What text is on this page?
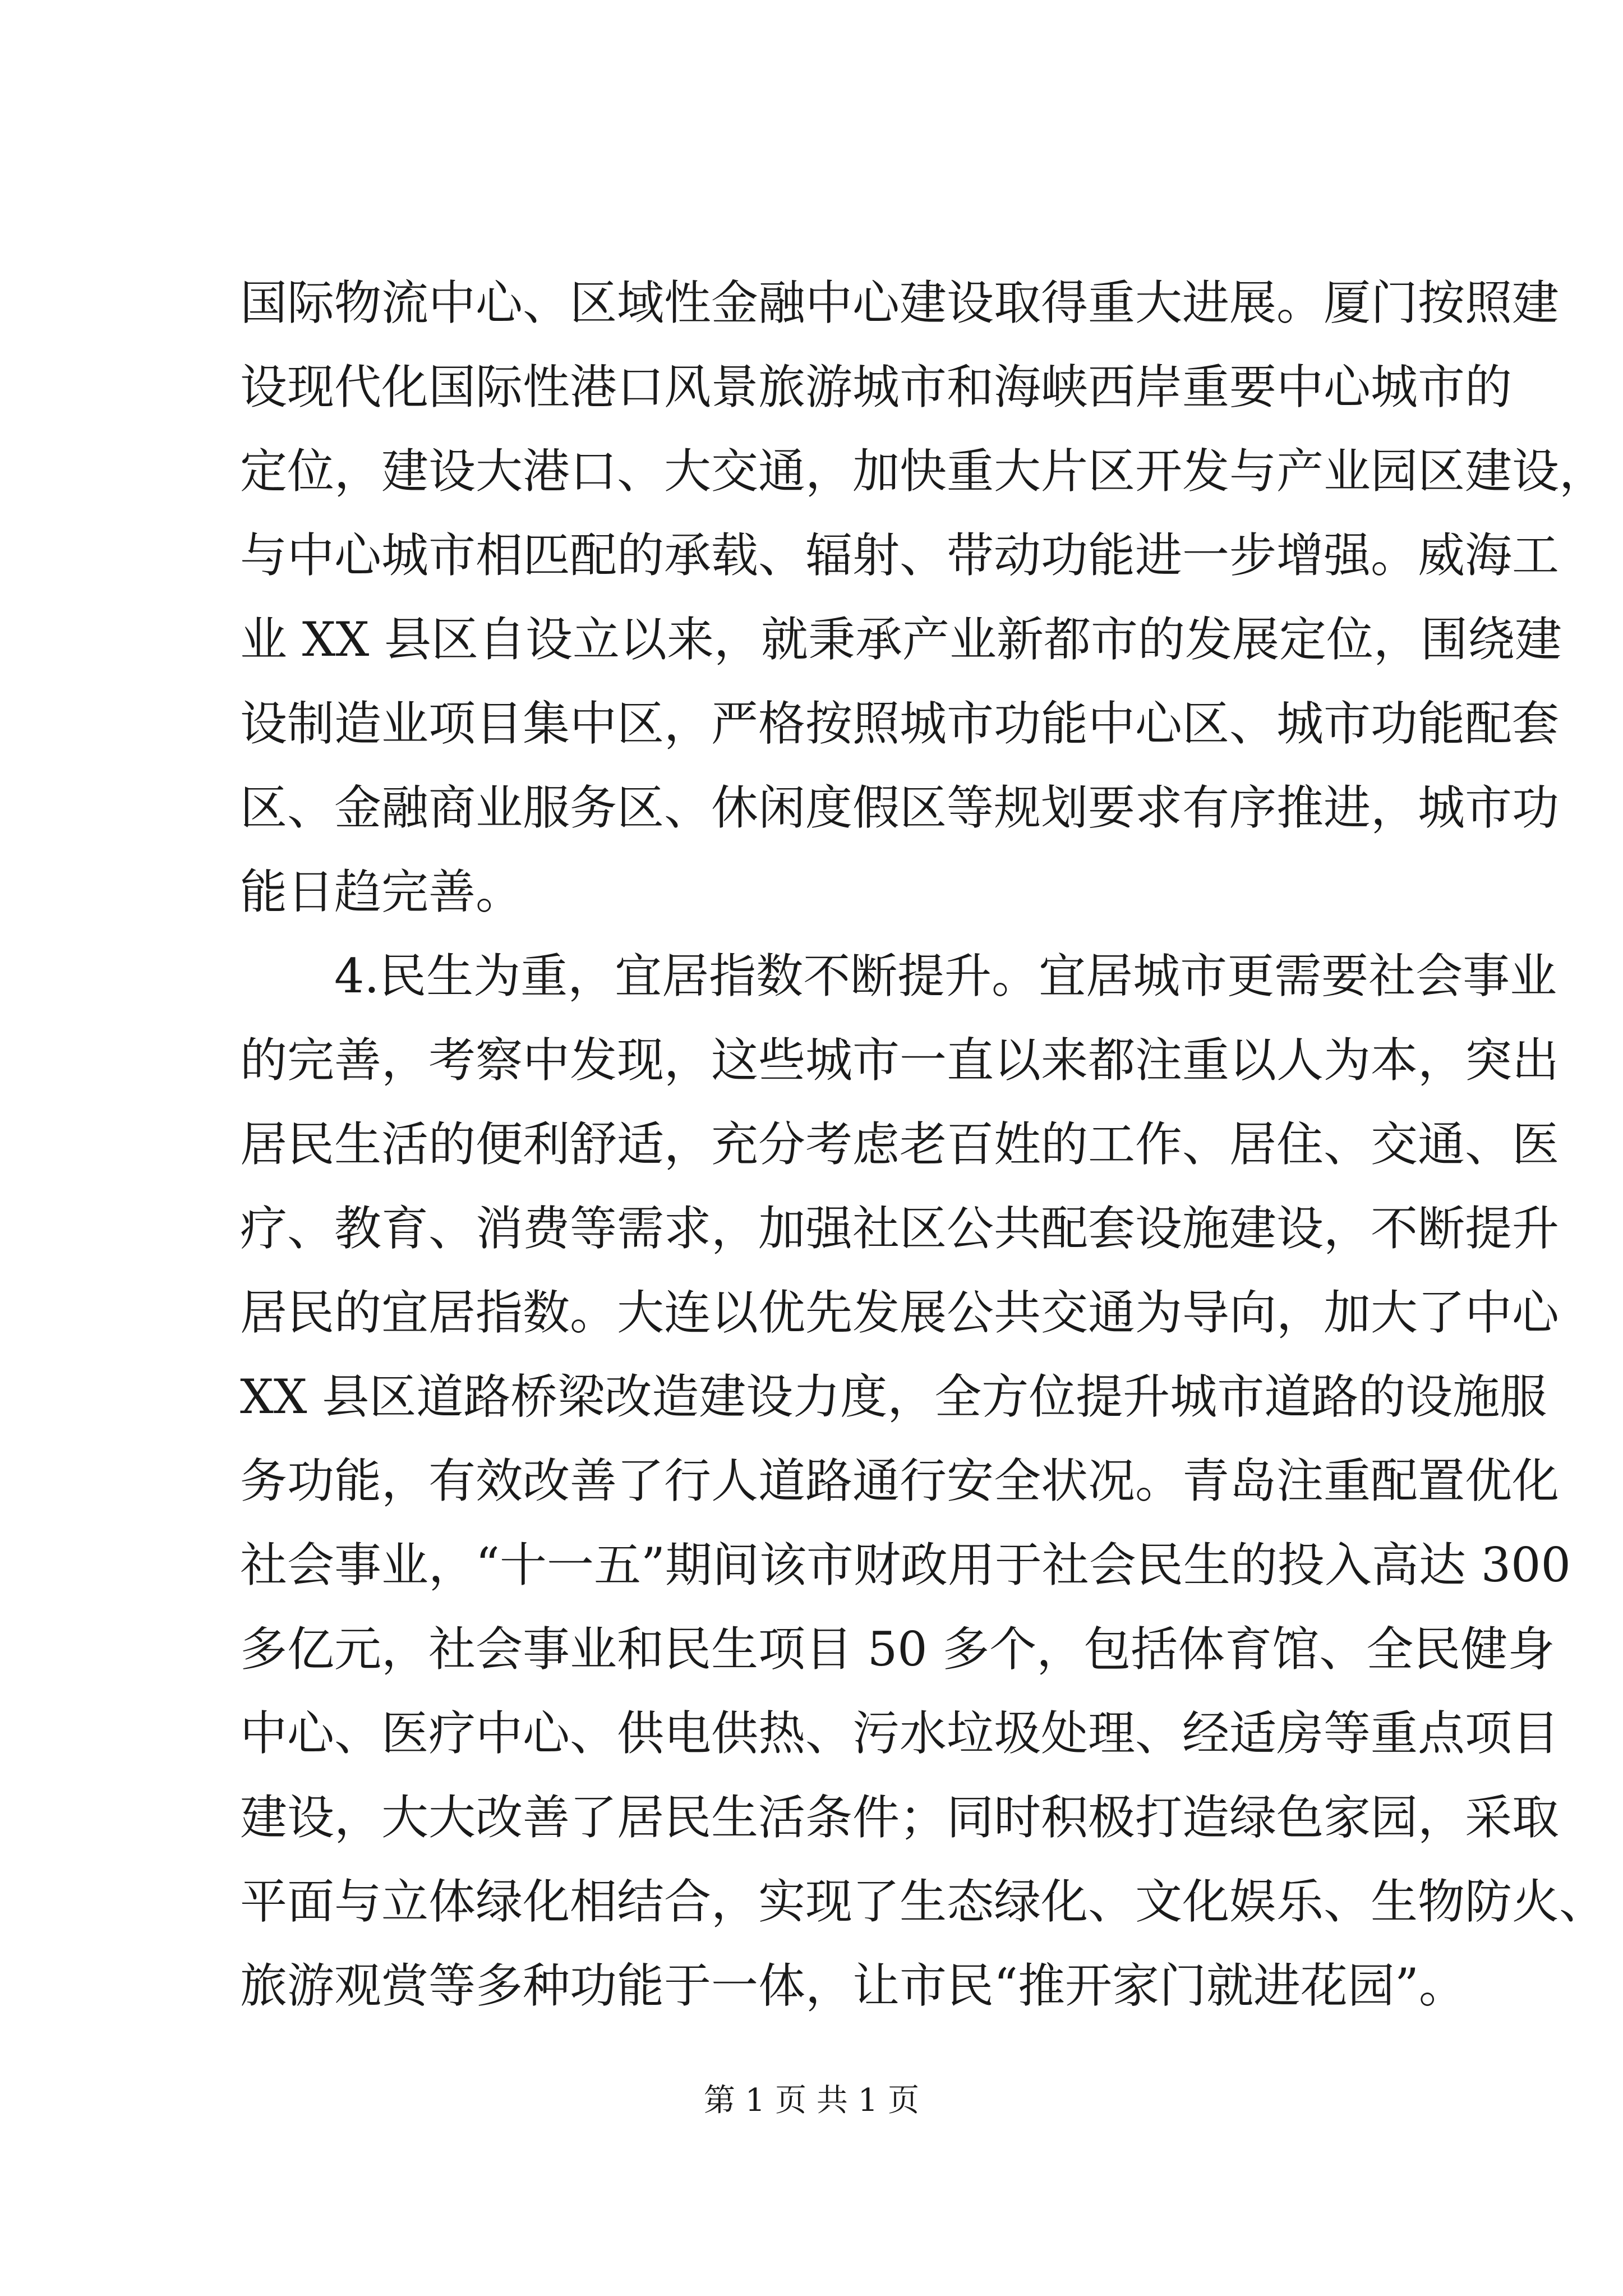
国际物流中心、区域性金融中心建设取得重大进展。厦门按照建
设现代化国际性港口风景旅游城市和海峡西岸重要中心城市的
定位，建设大港口、大交通，加快重大片区开发与产业园区建设，
与中心城市相匹配的承载、辐射、带动功能进一步增强。威海工
业 XX 县区自设立以来，就秉承产业新都市的发展定位，围绕建
设制造业项目集中区，严格按照城市功能中心区、城市功能配套
区、金融商业服务区、休闲度假区等规划要求有序推进，城市功
能日趋完善。
4.民生为重，宜居指数不断提升。宜居城市更需要社会事业
的完善，考察中发现，这些城市一直以来都注重以人为本，突出
居民生活的便利舒适，充分考虑老百姓的工作、居住、交通、医
疗、教育、消费等需求，加强社区公共配套设施建设，不断提升
居民的宜居指数。大连以优先发展公共交通为导向，加大了中心
XX 县区道路桥梁改造建设力度，全方位提升城市道路的设施服
务功能，有效改善了行人道路通行安全状况。青岛注重配置优化
社会事业，“十一五”期间该市财政用于社会民生的投入高达 300
多亿元，社会事业和民生项目 50 多个，包括体育馆、全民健身
中心、医疗中心、供电供热、污水垃圾处理、经适房等重点项目
建设，大大改善了居民生活条件；同时积极打造绿色家园，采取
平面与立体绿化相结合，实现了生态绿化、文化娱乐、生物防火、
旅游观赏等多种功能于一体，让市民“推开家门就进花园”。
第 1 页 共 1 页
